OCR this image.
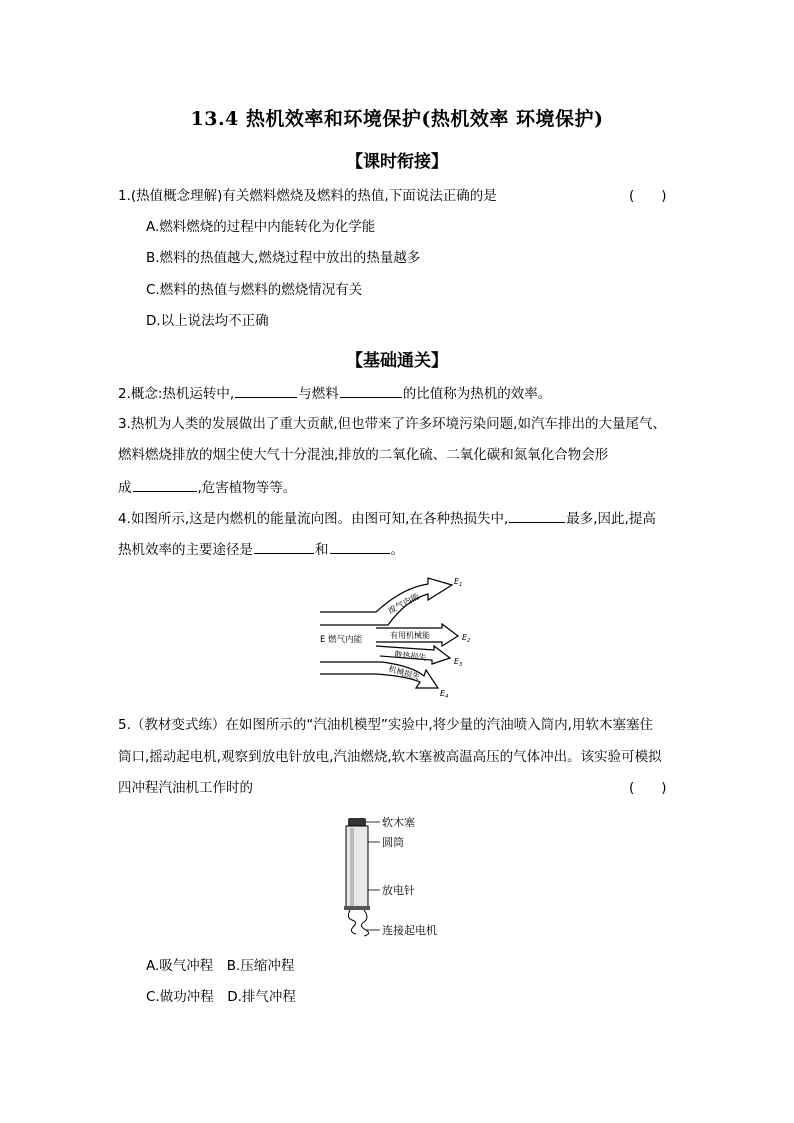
13.4 热机效率和环境保护(热机效率 环境保护)
【课时衔接】
1.(热值概念理解)有关燃料燃烧及燃料的热值,下面说法正确的是	(　　)
A.燃料燃烧的过程中内能转化为化学能
B.燃料的热值越大,燃烧过程中放出的热量越多
C.燃料的热值与燃料的燃烧情况有关
D.以上说法均不正确
【基础通关】
2.概念:热机运转中,	与燃料	的比值称为热机的效率。
3.热机为人类的发展做出了重大贡献,但也带来了许多环境污染问题,如汽车排出的大量尾气、
燃料燃烧排放的烟尘使大气十分混浊,排放的二氧化硫、二氧化碳和氮氧化合物会形
成	,危害植物等等。
4.如图所示,这是内燃机的能量流向图。由图可知,在各种热损失中,	最多,因此,提高
热机效率的主要途径是	和	。
E 燃气内能
废气内能
有用机械能
散热损失
机械损失
$E_1$
$E_2$
$E_3$
$E_4$
5.（教材变式练）在如图所示的“汽油机模型”实验中,将少量的汽油喷入筒内,用软木塞塞住
筒口,摇动起电机,观察到放电针放电,汽油燃烧,软木塞被高温高压的气体冲出。该实验可模拟
四冲程汽油机工作时的	(　　)
软木塞
圆筒
放电针
连接起电机
A.吸气冲程　B.压缩冲程
C.做功冲程　D.排气冲程
